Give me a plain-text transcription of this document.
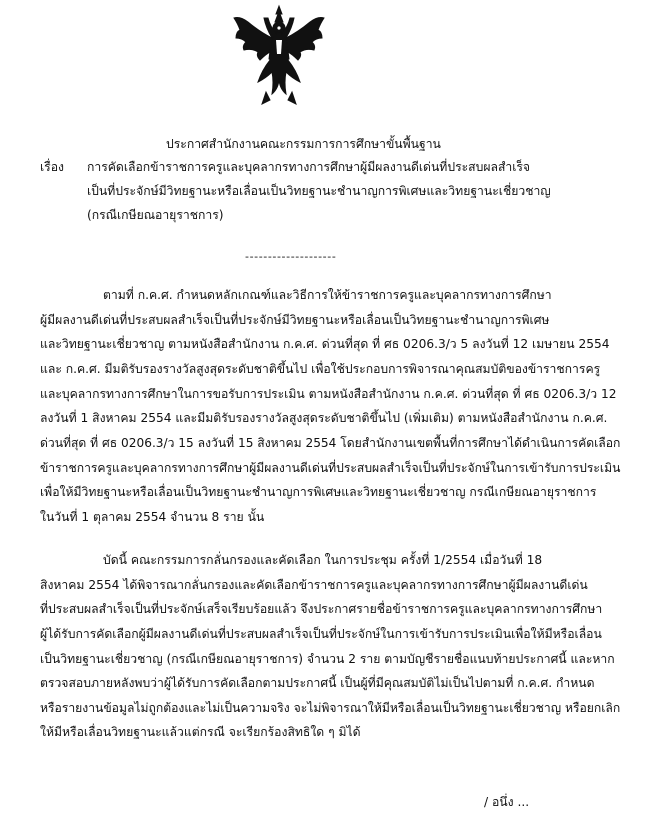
ประกาศสำนักงานคณะกรรมการการศึกษาขั้นพื้นฐาน
เรื่อง การคัดเลือกข้าราชการครูและบุคลากรทางการศึกษาผู้มีผลงานดีเด่นที่ประสบผลสำเร็จ
เป็นที่ประจักษ์มีวิทยฐานะหรือเลื่อนเป็นวิทยฐานะชำนาญการพิเศษและวิทยฐานะเชี่ยวชาญ
(กรณีเกษียณอายุราชการ)
--------------------
ตามที่ ก.ค.ศ. กำหนดหลักเกณฑ์และวิธีการให้ข้าราชการครูและบุคลากรทางการศึกษา
ผู้มีผลงานดีเด่นที่ประสบผลสำเร็จเป็นที่ประจักษ์มีวิทยฐานะหรือเลื่อนเป็นวิทยฐานะชำนาญการพิเศษ
และวิทยฐานะเชี่ยวชาญ ตามหนังสือสำนักงาน ก.ค.ศ. ด่วนที่สุด ที่ ศธ 0206.3/ว 5 ลงวันที่ 12 เมษายน 2554
และ ก.ค.ศ. มีมติรับรองรางวัลสูงสุดระดับชาติขึ้นไป เพื่อใช้ประกอบการพิจารณาคุณสมบัติของข้าราชการครู
และบุคลากรทางการศึกษาในการขอรับการประเมิน ตามหนังสือสำนักงาน ก.ค.ศ. ด่วนที่สุด ที่ ศธ 0206.3/ว 12
ลงวันที่ 1 สิงหาคม 2554 และมีมติรับรองรางวัลสูงสุดระดับชาติขึ้นไป (เพิ่มเติม) ตามหนังสือสำนักงาน ก.ค.ศ.
ด่วนที่สุด ที่ ศธ 0206.3/ว 15 ลงวันที่ 15 สิงหาคม 2554 โดยสำนักงานเขตพื้นที่การศึกษาได้ดำเนินการคัดเลือก
ข้าราชการครูและบุคลากรทางการศึกษาผู้มีผลงานดีเด่นที่ประสบผลสำเร็จเป็นที่ประจักษ์ในการเข้ารับการประเมิน
เพื่อให้มีวิทยฐานะหรือเลื่อนเป็นวิทยฐานะชำนาญการพิเศษและวิทยฐานะเชี่ยวชาญ กรณีเกษียณอายุราชการ
ในวันที่ 1 ตุลาคม 2554 จำนวน 8 ราย นั้น
บัดนี้ คณะกรรมการกลั่นกรองและคัดเลือก ในการประชุม ครั้งที่ 1/2554 เมื่อวันที่ 18
สิงหาคม 2554 ได้พิจารณากลั่นกรองและคัดเลือกข้าราชการครูและบุคลากรทางการศึกษาผู้มีผลงานดีเด่น
ที่ประสบผลสำเร็จเป็นที่ประจักษ์เสร็จเรียบร้อยแล้ว จึงประกาศรายชื่อข้าราชการครูและบุคลากรทางการศึกษา
ผู้ได้รับการคัดเลือกผู้มีผลงานดีเด่นที่ประสบผลสำเร็จเป็นที่ประจักษ์ในการเข้ารับการประเมินเพื่อให้มีหรือเลื่อน
เป็นวิทยฐานะเชี่ยวชาญ (กรณีเกษียณอายุราชการ) จำนวน 2 ราย ตามบัญชีรายชื่อแนบท้ายประกาศนี้ และหาก
ตรวจสอบภายหลังพบว่าผู้ได้รับการคัดเลือกตามประกาศนี้ เป็นผู้ที่มีคุณสมบัติไม่เป็นไปตามที่ ก.ค.ศ. กำหนด
หรือรายงานข้อมูลไม่ถูกต้องและไม่เป็นความจริง จะไม่พิจารณาให้มีหรือเลื่อนเป็นวิทยฐานะเชี่ยวชาญ หรือยกเลิก
ให้มีหรือเลื่อนวิทยฐานะแล้วแต่กรณี จะเรียกร้องสิทธิใด ๆ มิได้
/ อนึ่ง ...
